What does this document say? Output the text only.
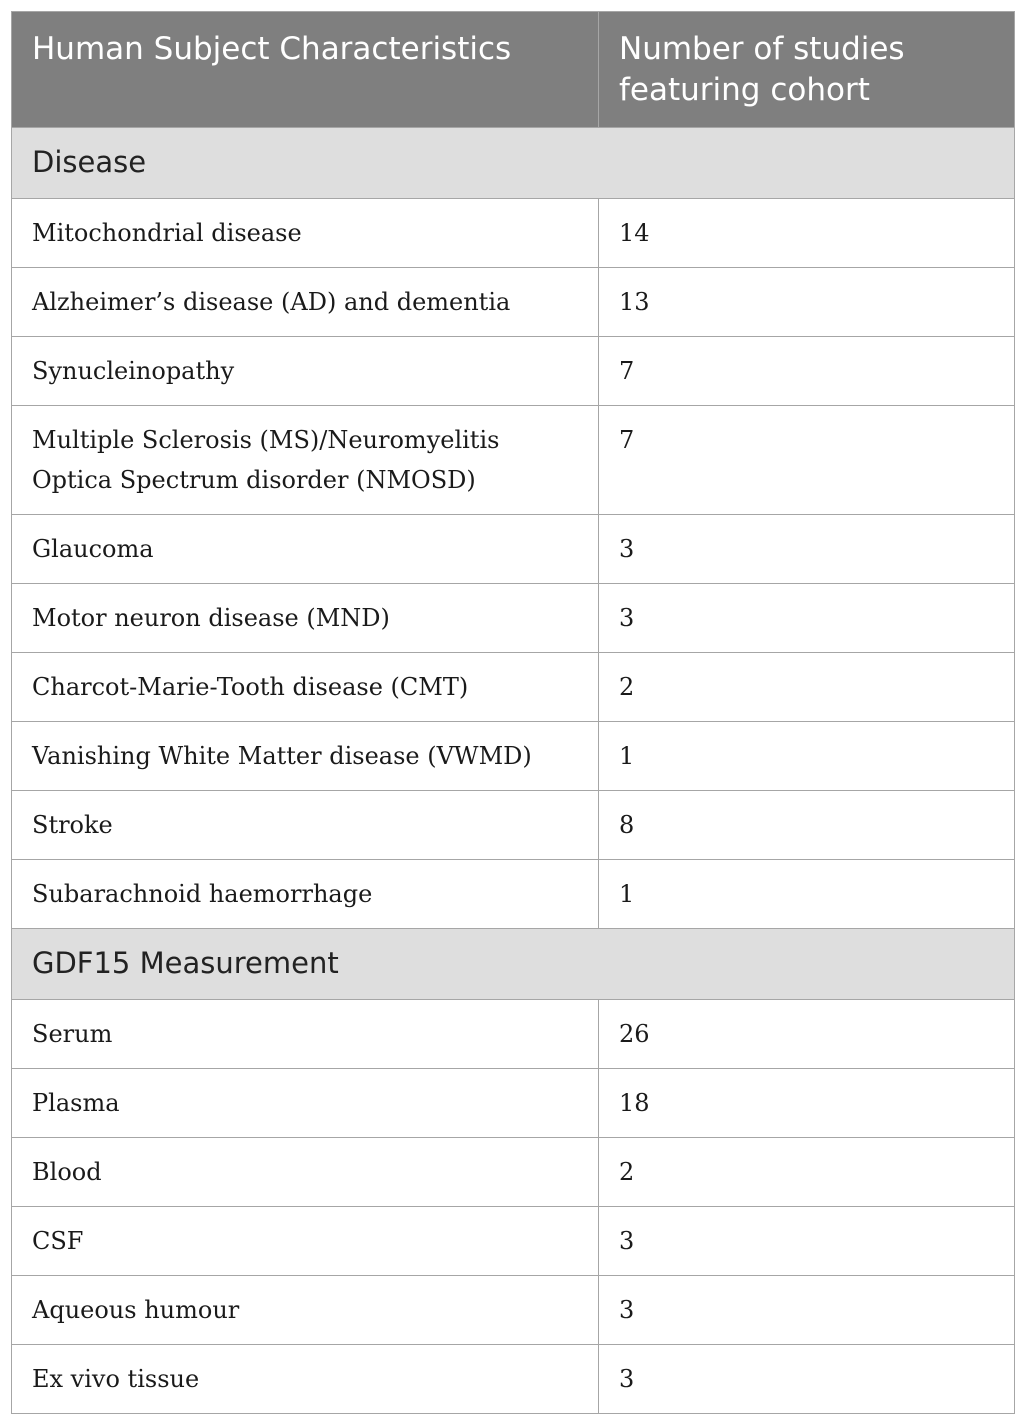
Human Subject Characteristics	Number of studies featuring cohort
Disease	
Mitochondrial disease	14
Alzheimer’s disease (AD) and dementia	13
Synucleinopathy	7
Multiple Sclerosis (MS)/Neuromyelitis Optica Spectrum disorder (NMOSD)	7
Glaucoma	3
Motor neuron disease (MND)	3
Charcot-Marie-Tooth disease (CMT)	2
Vanishing White Matter disease (VWMD)	1
Stroke	8
Subarachnoid haemorrhage	1
GDF15 Measurement	
Serum	26
Plasma	18
Blood	2
CSF	3
Aqueous humour	3
Ex vivo tissue	3
